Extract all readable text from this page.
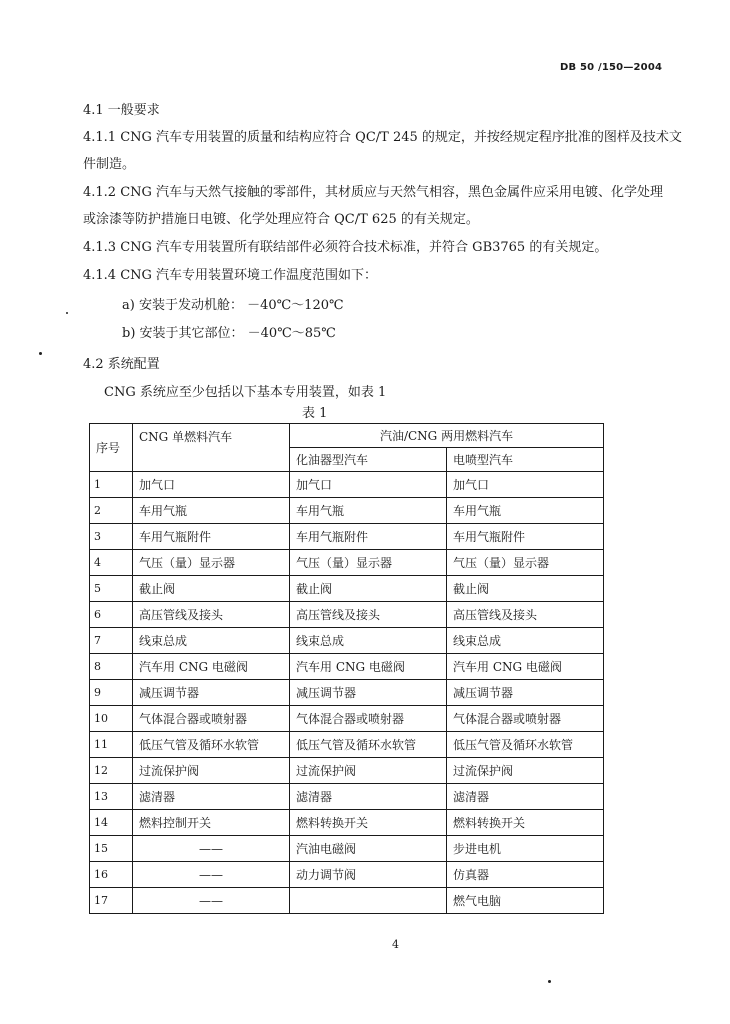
DB 50 /150—2004
4.1 一般要求
4.1.1 CNG 汽车专用装置的质量和结构应符合 QC/T 245 的规定，并按经规定程序批准的图样及技术文
件制造。
4.1.2 CNG 汽车与天然气接触的零部件，其材质应与天然气相容，黑色金属件应采用电镀、化学处理
或涂漆等防护措施日电镀、化学处理应符合 QC/T 625 的有关规定。
4.1.3 CNG 汽车专用装置所有联结部件必须符合技术标准，并符合 GB3765 的有关规定。
4.1.4 CNG 汽车专用装置环境工作温度范围如下：
a) 安装于发动机舱： －40℃～120℃
b) 安装于其它部位： －40℃～85℃
4.2 系统配置
CNG 系统应至少包括以下基本专用装置，如表 1
表 1
序号	CNG 单燃料汽车	汽油/CNG 两用燃料汽车	
		化油器型汽车	电喷型汽车
1	加气口	加气口	加气口
2	车用气瓶	车用气瓶	车用气瓶
3	车用气瓶附件	车用气瓶附件	车用气瓶附件
4	气压（量）显示器	气压（量）显示器	气压（量）显示器
5	截止阀	截止阀	截止阀
6	高压管线及接头	高压管线及接头	高压管线及接头
7	线束总成	线束总成	线束总成
8	汽车用 CNG 电磁阀	汽车用 CNG 电磁阀	汽车用 CNG 电磁阀
9	减压调节器	减压调节器	减压调节器
10	气体混合器或喷射器	气体混合器或喷射器	气体混合器或喷射器
11	低压气管及循环水软管	低压气管及循环水软管	低压气管及循环水软管
12	过流保护阀	过流保护阀	过流保护阀
13	滤清器	滤清器	滤清器
14	燃料控制开关	燃料转换开关	燃料转换开关
15	——	汽油电磁阀	步进电机
16	——	动力调节阀	仿真器
17	——		燃气电脑
4
